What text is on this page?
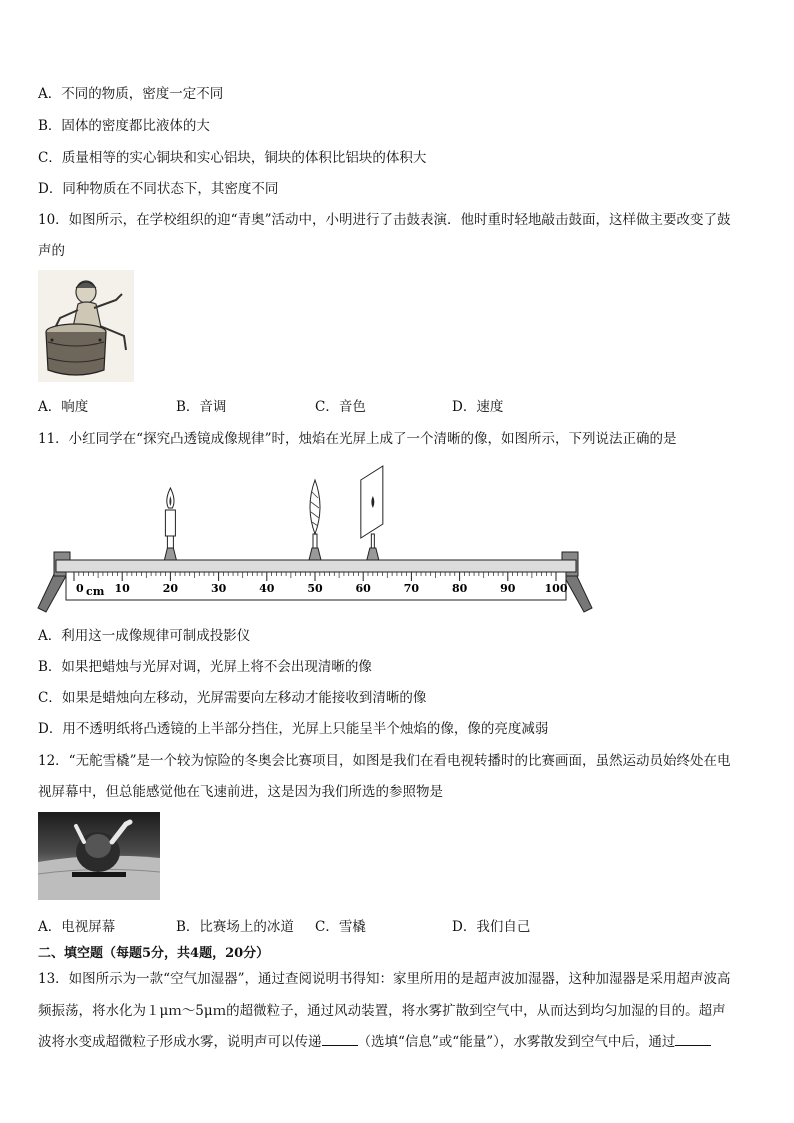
A．不同的物质，密度一定不同
B．固体的密度都比液体的大
C．质量相等的实心铜块和实心铝块，铜块的体积比铝块的体积大
D．同种物质在不同状态下，其密度不同
10．如图所示，在学校组织的迎“青奥”活动中，小明进行了击鼓表演．他时重时轻地敲击鼓面，这样做主要改变了鼓
声的
A．响度	B．音调	C．音色	D．速度
11．小红同学在“探究凸透镜成像规律”时，烛焰在光屏上成了一个清晰的像，如图所示，下列说法正确的是
0	10	20	30	40	50	60	70	80	90	100
cm
A．利用这一成像规律可制成投影仪
B．如果把蜡烛与光屏对调，光屏上将不会出现清晰的像
C．如果是蜡烛向左移动，光屏需要向左移动才能接收到清晰的像
D．用不透明纸将凸透镜的上半部分挡住，光屏上只能呈半个烛焰的像，像的亮度减弱
12．“无舵雪橇”是一个较为惊险的冬奥会比赛项目，如图是我们在看电视转播时的比赛画面，虽然运动员始终处在电
视屏幕中，但总能感觉他在飞速前进，这是因为我们所选的参照物是
A．电视屏幕	B．比赛场上的冰道 C．雪橇	D．我们自己
二、填空题（每题5分，共4题，20分）
13．如图所示为一款“空气加湿器”，通过查阅说明书得知：家里所用的是超声波加湿器，这种加湿器是采用超声波高
频振荡，将水化为１μｍ～5μｍ的超微粒子，通过风动装置，将水雾扩散到空气中，从而达到均匀加湿的目的。超声
波将水变成超微粒子形成水雾，说明声可以传递	（选填“信息”或“能量”），水雾散发到空气中后，通过
